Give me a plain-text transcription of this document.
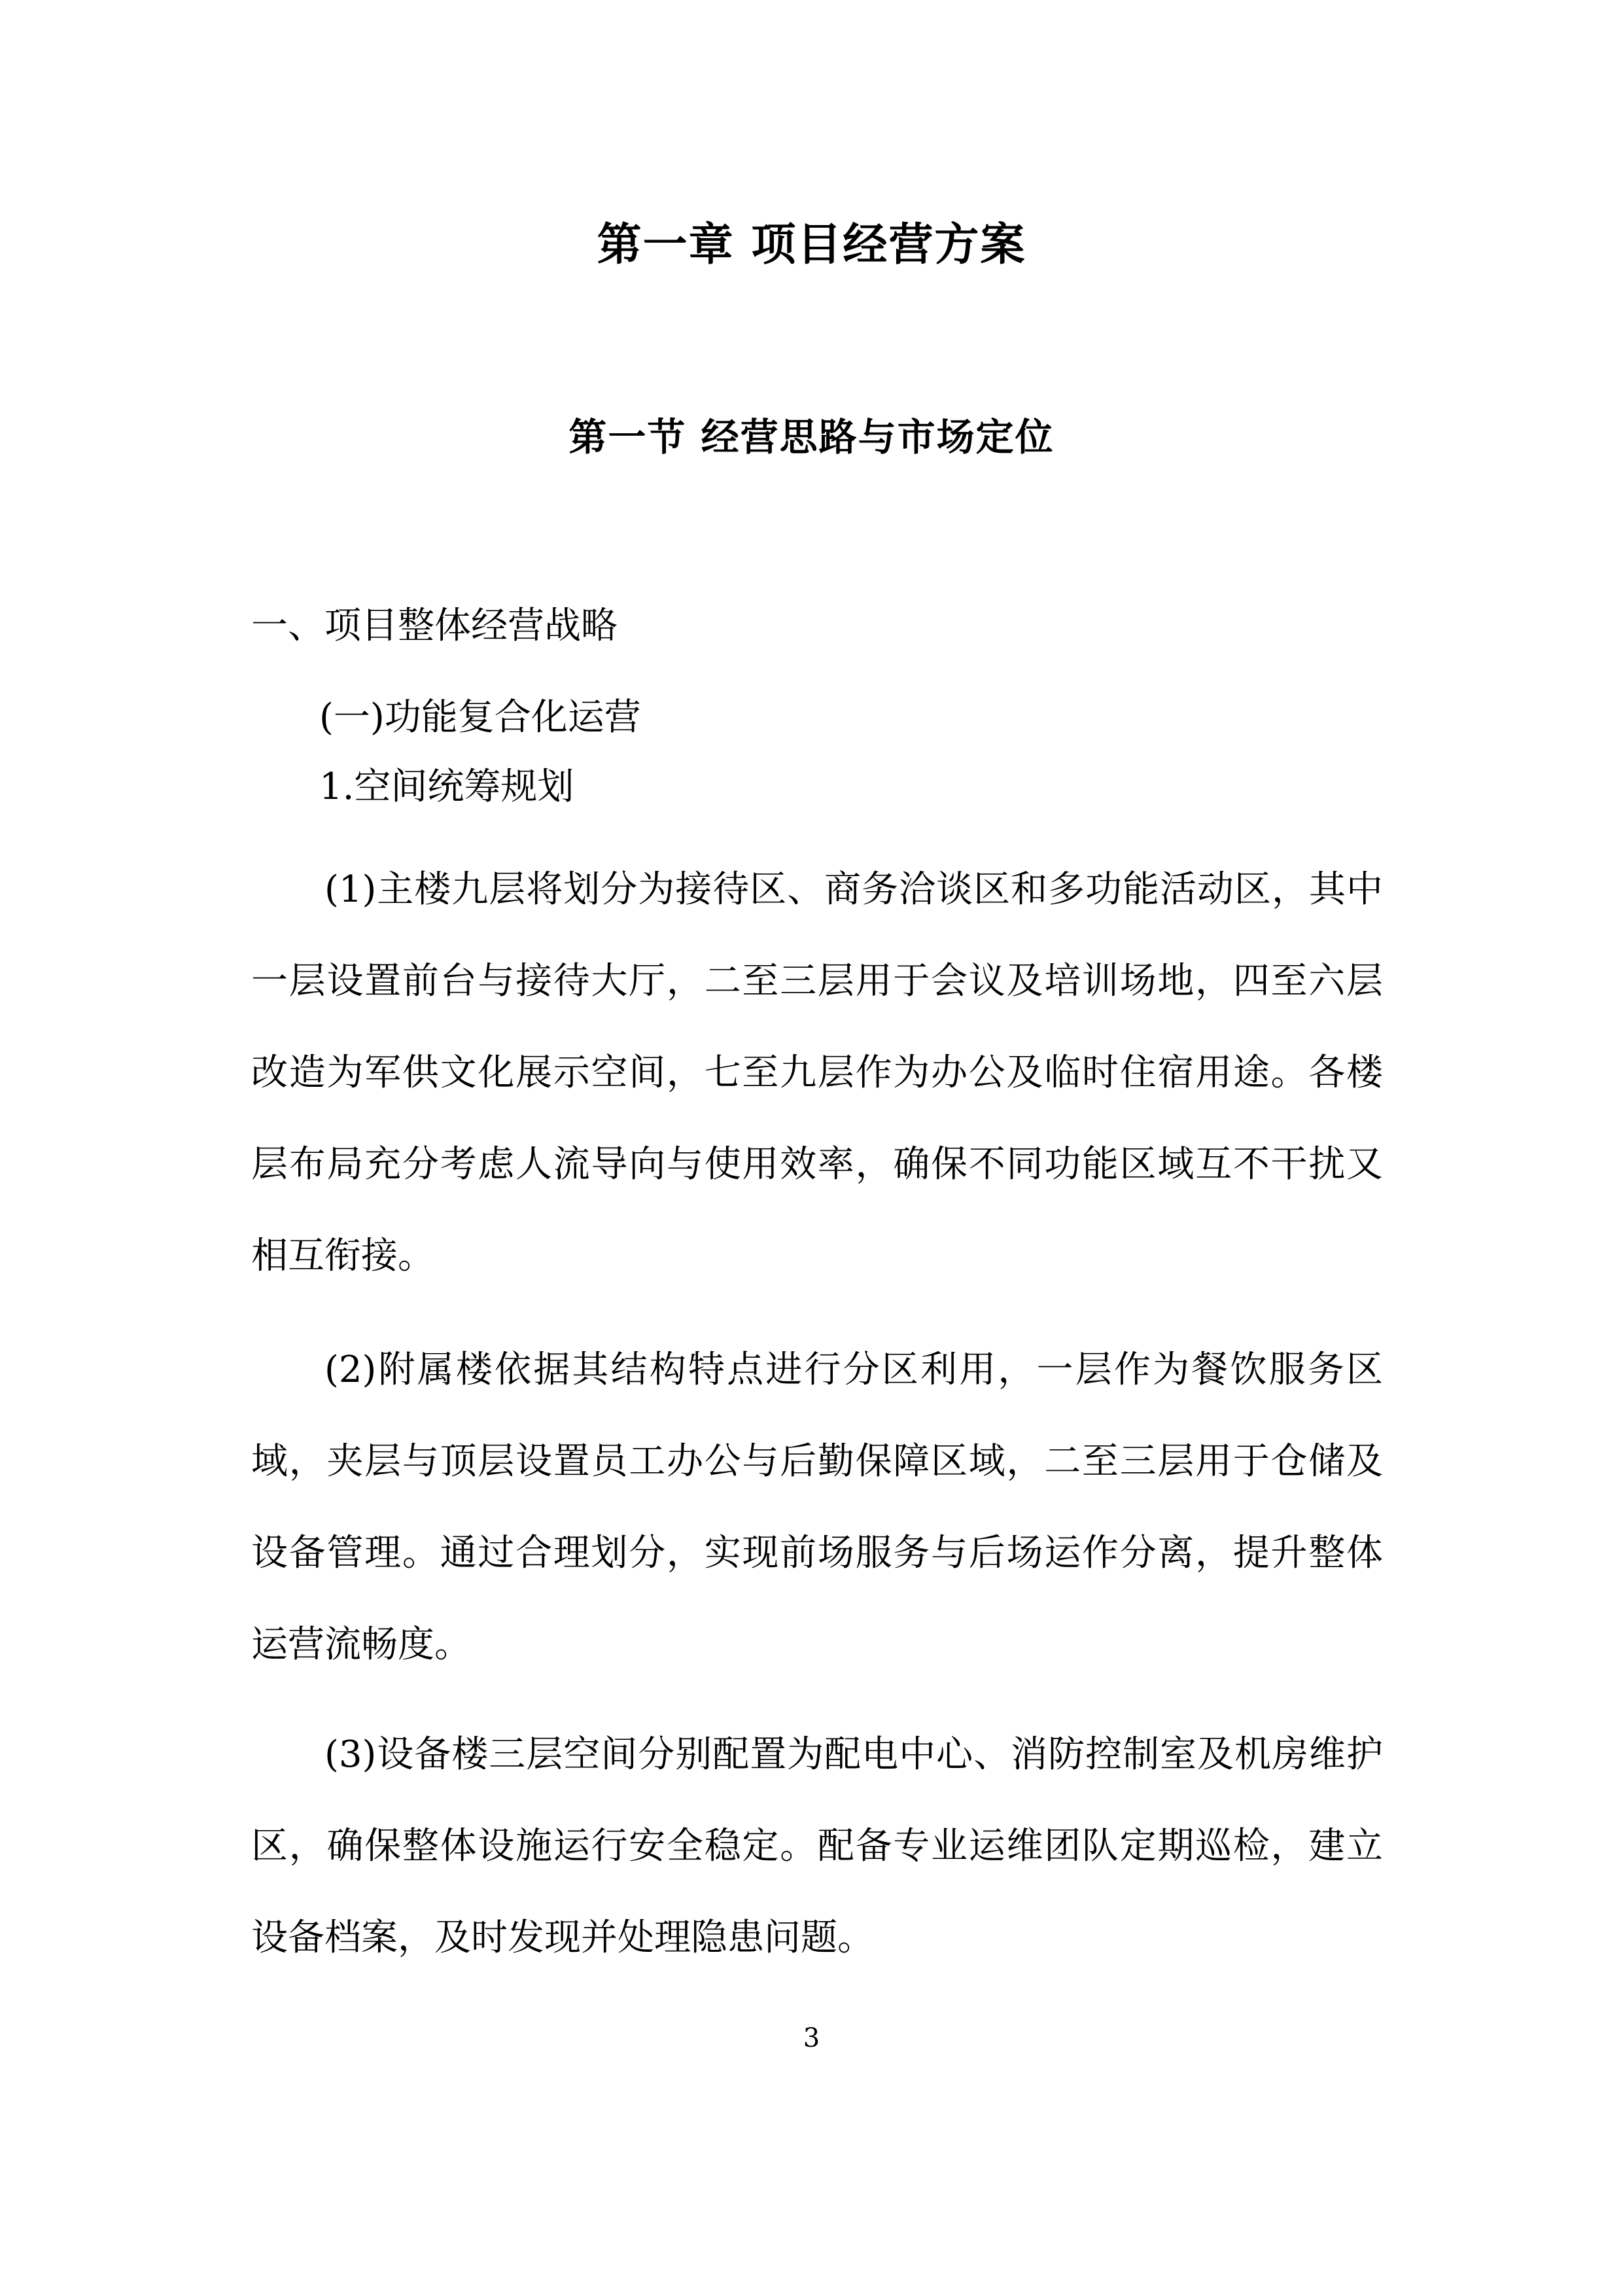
第一章 项目经营方案
第一节 经营思路与市场定位
一、项目整体经营战略
(一)功能复合化运营
1.空间统筹规划

(1)主楼九层将划分为接待区、商务洽谈区和多功能活动区，其中一层设置前台与接待大厅，二至三层用于会议及培训场地，四至六层改造为军供文化展示空间，七至九层作为办公及临时住宿用途。各楼层布局充分考虑人流导向与使用效率，确保不同功能区域互不干扰又相互衔接。

(2)附属楼依据其结构特点进行分区利用，一层作为餐饮服务区域，夹层与顶层设置员工办公与后勤保障区域，二至三层用于仓储及设备管理。通过合理划分，实现前场服务与后场运作分离，提升整体运营流畅度。

(3)设备楼三层空间分别配置为配电中心、消防控制室及机房维护区，确保整体设施运行安全稳定。配备专业运维团队定期巡检，建立设备档案，及时发现并处理隐患问题。

3
